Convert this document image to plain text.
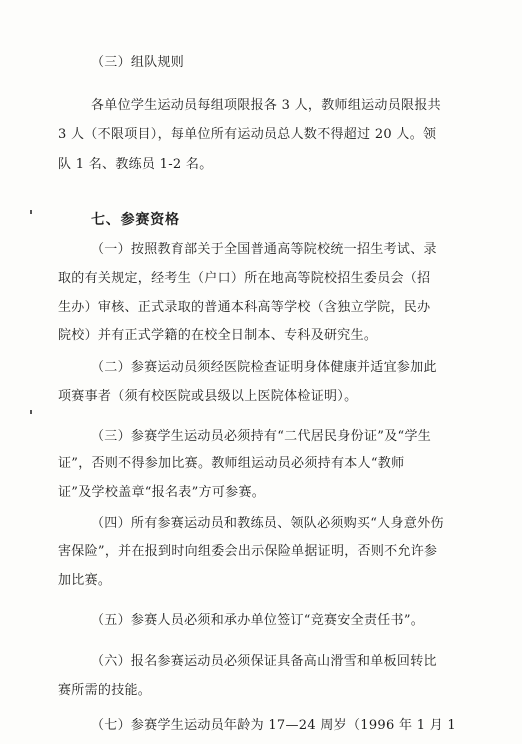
（三）组队规则
各单位学生运动员每组项限报各 3 人，教师组运动员限报共
3 人（不限项目），每单位所有运动员总人数不得超过 20 人。领
队 1 名、教练员 1-2 名。
七、参赛资格
（一）按照教育部关于全国普通高等院校统一招生考试、录
取的有关规定，经考生（户口）所在地高等院校招生委员会（招
生办）审核、正式录取的普通本科高等学校（含独立学院，民办
院校）并有正式学籍的在校全日制本、专科及研究生。
（二）参赛运动员须经医院检查证明身体健康并适宜参加此
项赛事者（须有校医院或县级以上医院体检证明）。
（三）参赛学生运动员必须持有“二代居民身份证”及“学生
证”，否则不得参加比赛。教师组运动员必须持有本人“教师
证”及学校盖章“报名表”方可参赛。
（四）所有参赛运动员和教练员、领队必须购买“人身意外伤
害保险”，并在报到时向组委会出示保险单据证明，否则不允许参
加比赛。
（五）参赛人员必须和承办单位签订“竞赛安全责任书”。
（六）报名参赛运动员必须保证具备高山滑雪和单板回转比
赛所需的技能。
（七）参赛学生运动员年龄为 17—24 周岁（1996 年 1 月 1
